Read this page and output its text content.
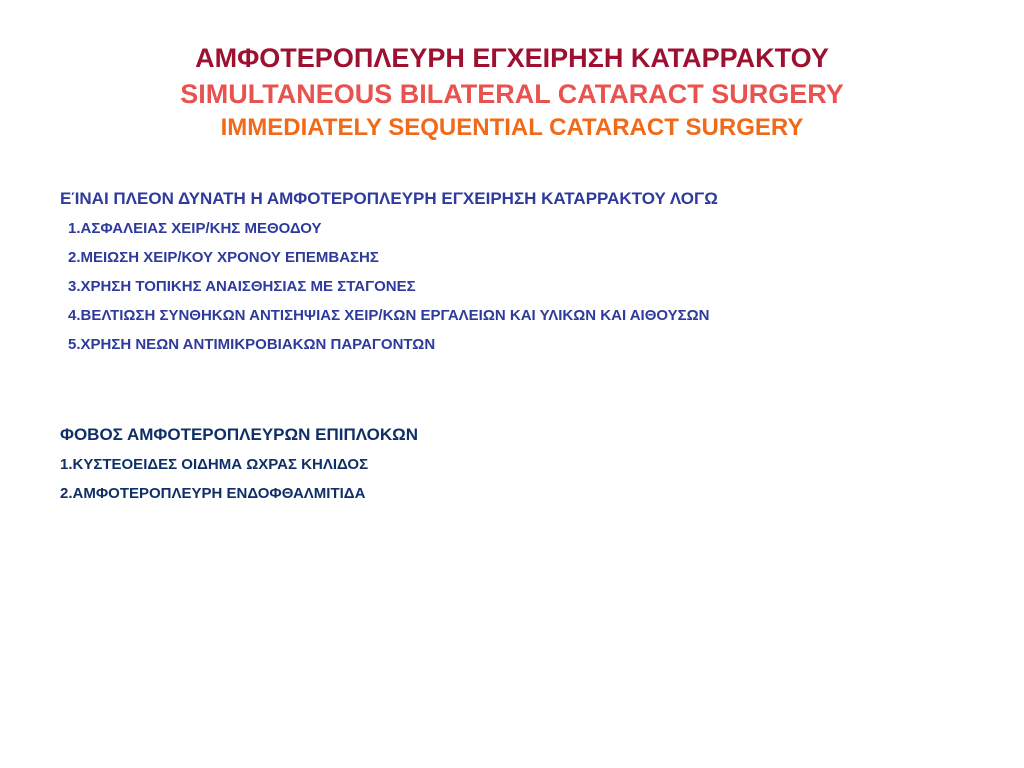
ΑΜΦΟΤΕΡΟΠΛΕΥΡΗ ΕΓΧΕΙΡΗΣΗ ΚΑΤΑΡΡΑΚΤΟΥ
SIMULTANEOUS BILATERAL CATARACT SURGERY
IMMEDIATELY SEQUENTIAL CATARACT SURGERY
ΕΊΝΑΙ ΠΛΕΟΝ ΔΥΝΑΤΗ Η ΑΜΦΟΤΕΡΟΠΛΕΥΡΗ ΕΓΧΕΙΡΗΣΗ ΚΑΤΑΡΡΑΚΤΟΥ ΛΟΓΩ
1.ΑΣΦΑΛΕΙΑΣ ΧΕΙΡ/ΚΗΣ ΜΕΘΟΔΟΥ
2.ΜΕΙΩΣΗ ΧΕΙΡ/ΚΟΥ ΧΡΟΝΟΥ ΕΠΕΜΒΑΣΗΣ
3.ΧΡΗΣΗ ΤΟΠΙΚΗΣ ΑΝΑΙΣΘΗΣΙΑΣ ΜΕ ΣΤΑΓΟΝΕΣ
4.ΒΕΛΤΙΩΣΗ ΣΥΝΘΗΚΩΝ ΑΝΤΙΣΗΨΙΑΣ ΧΕΙΡ/ΚΩΝ ΕΡΓΑΛΕΙΩΝ ΚΑΙ ΥΛΙΚΩΝ ΚΑΙ ΑΙΘΟΥΣΩΝ
5.ΧΡΗΣΗ ΝΕΩΝ ΑΝΤΙΜΙΚΡΟΒΙΑΚΩΝ ΠΑΡΑΓΟΝΤΩΝ
ΦΟΒΟΣ ΑΜΦΟΤΕΡΟΠΛΕΥΡΩΝ ΕΠΙΠΛΟΚΩΝ
1.ΚΥΣΤΕΟΕΙΔΕΣ ΟΙΔΗΜΑ ΩΧΡΑΣ ΚΗΛΙΔΟΣ
2.ΑΜΦΟΤΕΡΟΠΛΕΥΡΗ ΕΝΔΟΦΘΑΛΜΙΤΙΔΑ
